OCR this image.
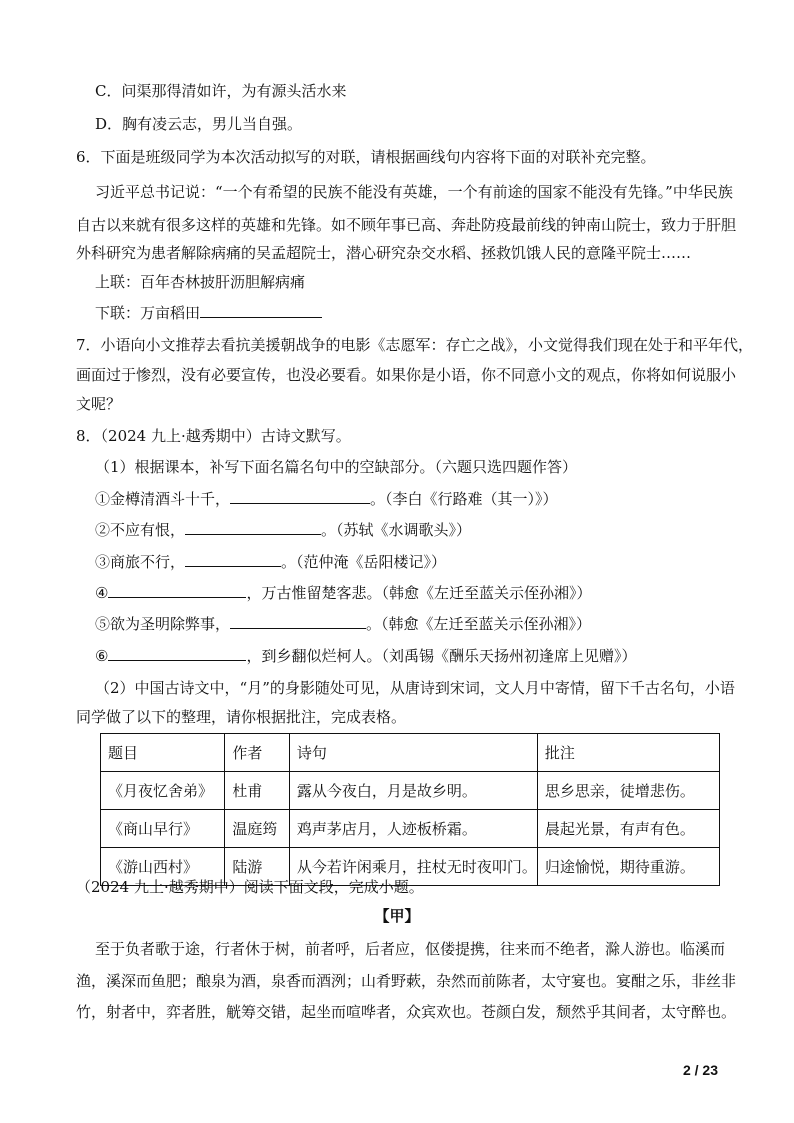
C．问渠那得清如许，为有源头活水来
D．胸有凌云志，男儿当自强。
6．下面是班级同学为本次活动拟写的对联，请根据画线句内容将下面的对联补充完整。
习近平总书记说：“一个有希望的民族不能没有英雄，一个有前途的国家不能没有先锋。”中华民族
自古以来就有很多这样的英雄和先锋。如不顾年事已高、奔赴防疫最前线的钟南山院士，致力于肝胆
外科研究为患者解除病痛的吴孟超院士，潜心研究杂交水稻、拯救饥饿人民的意隆平院士……
上联：百年杏林披肝沥胆解病痛
下联：万亩稻田
7．小语向小文推荐去看抗美援朝战争的电影《志愿军：存亡之战》，小文觉得我们现在处于和平年代，
画面过于惨烈，没有必要宣传，也没必要看。如果你是小语，你不同意小文的观点，你将如何说服小
文呢？
8．（2024 九上·越秀期中）古诗文默写。
（1）根据课本，补写下面名篇名句中的空缺部分。（六题只选四题作答）
①金樽清酒斗十千，	。（李白《行路难（其一）》）
②不应有恨，	。（苏轼《水调歌头》）
③商旅不行，	。（范仲淹《岳阳楼记》）
④	，万古惟留楚客悲。（韩愈《左迁至蓝关示侄孙湘》）
⑤欲为圣明除弊事，	。（韩愈《左迁至蓝关示侄孙湘》）
⑥	，到乡翻似烂柯人。（刘禹锡《酬乐天扬州初逢席上见赠》）
（2）中国古诗文中，“月”的身影随处可见，从唐诗到宋词，文人月中寄情，留下千古名句，小语
同学做了以下的整理，请你根据批注，完成表格。
题目	作者	诗句	批注
《月夜忆舍弟》	杜甫	露从今夜白，月是故乡明。	思乡思亲，徒增悲伤。
《商山早行》	温庭筠	鸡声茅店月，人迹板桥霜。	晨起光景，有声有色。
《游山西村》	陆游	从今若许闲乘月，拄杖无时夜叩门。	归途愉悦，期待重游。
（2024 九上·越秀期中）阅读下面文段，完成小题。
【甲】
至于负者歌于途，行者休于树，前者呼，后者应，伛偻提携，往来而不绝者，滁人游也。临溪而
渔，溪深而鱼肥；酿泉为酒，泉香而酒洌；山肴野蔌，杂然而前陈者，太守宴也。宴酣之乐，非丝非
竹，射者中，弈者胜，觥筹交错，起坐而喧哗者，众宾欢也。苍颜白发，颓然乎其间者，太守醉也。
2 / 23
